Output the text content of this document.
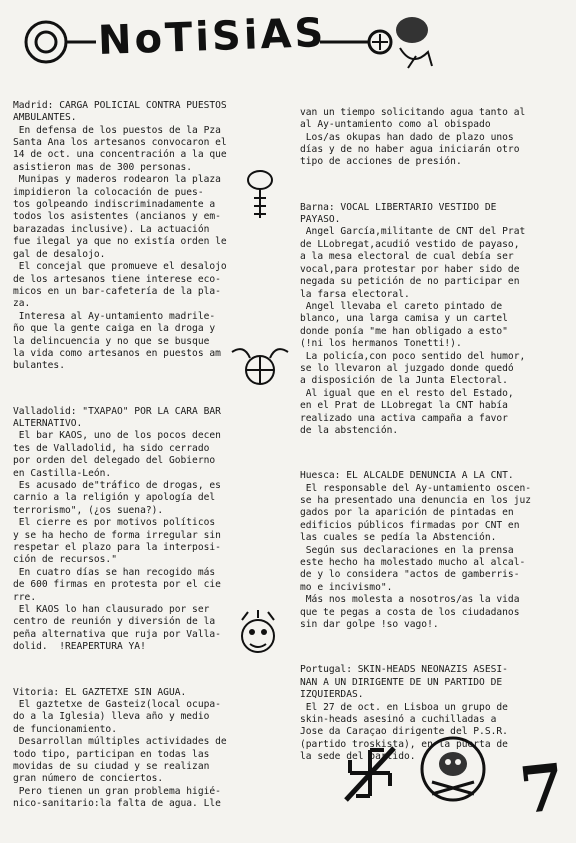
NoTiSiAS

Madrid: CARGA POLICIAL CONTRA PUESTOS

AMBULANTES.

En defensa de los puestos de la Pza

Santa Ana los artesanos convocaron el

14 de oct. una concentración a la que

asistieron mas de 300 personas.

Munipas y maderos rodearon la plaza

impidieron la colocación de pues-

tos golpeando indiscriminadamente a

todos los asistentes (ancianos y em-

barazadas inclusive). La actuación

fue ilegal ya que no existía orden le

gal de desalojo.

El concejal que promueve el desalojo

de los artesanos tiene interese eco-

micos en un bar-cafetería de la pla-

za.

Interesa al Ay-untamiento madrile-

ño que la gente caiga en la droga y

la delincuencia y no que se busque

la vida como artesanos en puestos am

bulantes.

Valladolid: "TXAPAO" POR LA CARA BAR

ALTERNATIVO.

El bar KAOS, uno de los pocos decen

tes de Valladolid, ha sido cerrado

por orden del delegado del Gobierno

en Castilla-León.

Es acusado de"tráfico de drogas, es

carnio a la religión y apología del

terrorismo", (¿os suena?).

El cierre es por motivos políticos

y se ha hecho de forma irregular sin

respetar el plazo para la interposi-

ción de recursos."

En cuatro días se han recogido más

de 600 firmas en protesta por el cie

rre.

El KAOS lo han clausurado por ser

centro de reunión y diversión de la

peña alternativa que ruja por Valla-

dolid.  !REAPERTURA YA!

Vitoria: EL GAZTETXE SIN AGUA.

El gaztetxe de Gasteiz(local ocupa-

do a la Iglesia) lleva año y medio

de funcionamiento.

Desarrollan múltiples actividades de

todo tipo, participan en todas las

movidas de su ciudad y se realizan

gran número de conciertos.

Pero tienen un gran problema higié-

nico-sanitario:la falta de agua. Lle

van un tiempo solicitando agua tanto al

al Ay-untamiento como al obispado

Los/as okupas han dado de plazo unos

días y de no haber agua iniciarán otro

tipo de acciones de presión.

Barna: VOCAL LIBERTARIO VESTIDO DE

PAYASO.

Angel García,militante de CNT del Prat

de LLobregat,acudió vestido de payaso,

a la mesa electoral de cual debía ser

vocal,para protestar por haber sido de

negada su petición de no participar en

la farsa electoral.

Angel llevaba el careto pintado de

blanco, una larga camisa y un cartel

donde ponía "me han obligado a esto"

(!ni los hermanos Tonetti!).

La policía,con poco sentido del humor,

se lo llevaron al juzgado donde quedó

a disposición de la Junta Electoral.

Al igual que en el resto del Estado,

en el Prat de LLobregat la CNT había

realizado una activa campaña a favor

de la abstención.

Huesca: EL ALCALDE DENUNCIA A LA CNT.

El responsable del Ay-untamiento oscen-

se ha presentado una denuncia en los juz

gados por la aparición de pintadas en

edificios públicos firmadas por CNT en

las cuales se pedía la Abstención.

Según sus declaraciones en la prensa

este hecho ha molestado mucho al alcal-

de y lo considera "actos de gamberris-

mo e incivismo".

Más nos molesta a nosotros/as la vida

que te pegas a costa de los ciudadanos

sin dar golpe !so vago!.

Portugal: SKIN-HEADS NEONAZIS ASESI-

NAN A UN DIRIGENTE DE UN PARTIDO DE

IZQUIERDAS.

El 27 de oct. en Lisboa un grupo de

skin-heads asesinó a cuchilladas a

Jose da Caraçao dirigente del P.S.R.

(partido troskista), en la puerta de

la sede del partido.

	7
